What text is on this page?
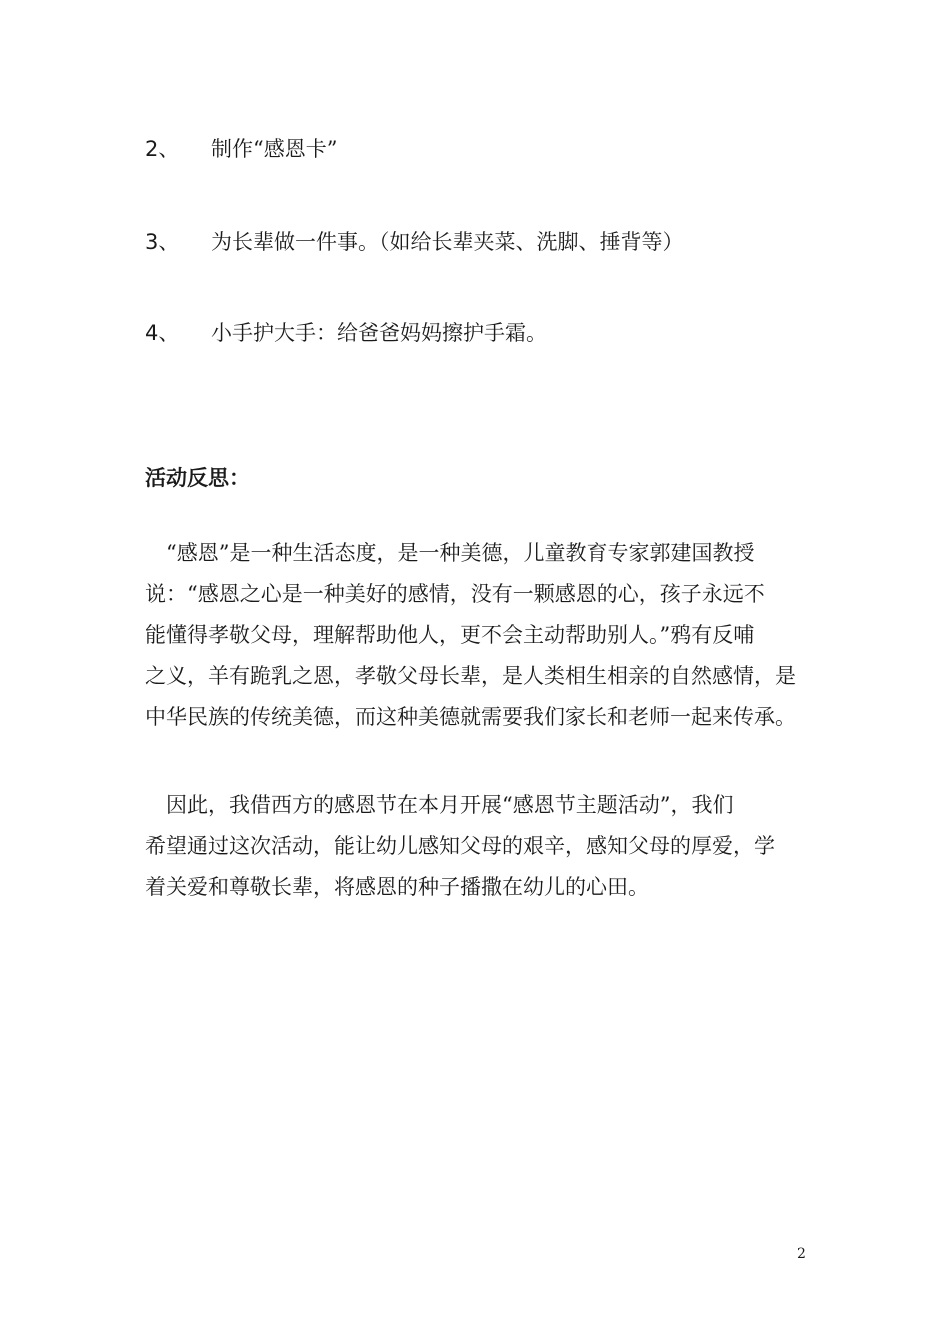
2、 制作“感恩卡”
3、 为长辈做一件事。（如给长辈夹菜、洗脚、捶背等）
4、 小手护大手：给爸爸妈妈擦护手霜。
活动反思：
　“感恩”是一种生活态度，是一种美德，儿童教育专家郭建国教授
说：“感恩之心是一种美好的感情，没有一颗感恩的心，孩子永远不
能懂得孝敬父母，理解帮助他人，更不会主动帮助别人。”鸦有反哺
之义，羊有跪乳之恩，孝敬父母长辈，是人类相生相亲的自然感情，是
中华民族的传统美德，而这种美德就需要我们家长和老师一起来传承。
　因此，我借西方的感恩节在本月开展“感恩节主题活动”，我们
希望通过这次活动，能让幼儿感知父母的艰辛，感知父母的厚爱，学
着关爱和尊敬长辈，将感恩的种子播撒在幼儿的心田。
2
